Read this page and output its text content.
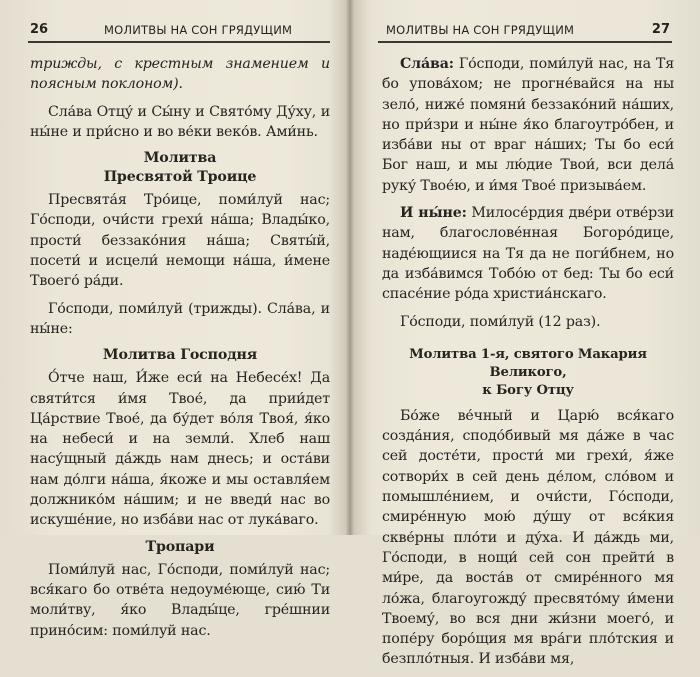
26	МОЛИТВЫ НА СОН ГРЯДУЩИМ

трижды, с крестным знамением и поясным поклоном).

Сла́ва Отцу́ и Сы́ну и Свято́му Ду́ху, и ны́не и при́сно и во ве́ки веко́в. Ами́нь.

Молитва
Пресвятой Троице

Пресвята́я Тро́ице, поми́луй нас; Го́споди, очи́сти грехи́ на́ша; Влады́ко, прости́ беззако́ния на́ша; Святы́й, посети́ и исцели́ немощи на́ша, и́мене Твоего́ ра́ди.

Го́споди, поми́луй (трижды). Сла́ва, и ны́не:

Молитва Господня

О́тче наш, И́же еси́ на Небесе́х! Да святи́тся и́мя Твое́, да прии́дет Ца́рствие Твое́, да бу́дет во́ля Твоя́, я́ко на небеси́ и на земли́. Хлеб наш насу́щный да́ждь нам днесь; и оста́ви нам до́лги на́ша, я́коже и мы оставля́ем должнико́м на́шим; и не введи́ нас во искуше́ние, но изба́ви нас от лука́ваго.

Тропари

Поми́луй нас, Го́споди, поми́луй нас; вся́каго бо отве́та недоуме́юще, сию́ Ти моли́тву, я́ко Влады́це, гре́шнии прино́сим: поми́луй нас.

МОЛИТВЫ НА СОН ГРЯДУЩИМ	27

Сла́ва: Го́споди, поми́луй нас, на Тя бо упова́хом; не прогне́вайся на ны зело́, ниже́ помяни́ беззако́ний на́ших, но при́зри и ны́не я́ко благоутро́бен, и изба́ви ны от враг на́ших; Ты бо еси́ Бог наш, и мы лю́дие Твои́, вси дела́ руку́ Твое́ю, и и́мя Твое́ призыва́ем.

И ны́не: Милосе́рдия две́ри отве́рзи нам, благослове́нная Богоро́дице, наде́ющиися на Тя да не поги́бнем, но да изба́вимся Тобо́ю от бед: Ты бо еси́ спасе́ние ро́да христиа́нскаго.

Го́споди, поми́луй (12 раз).

Молитва 1-я, святого Макария Великого,
к Богу Отцу

Бо́же ве́чный и Царю́ вся́каго созда́ния, сподо́бивый мя да́же в час сей досте́ти, прости́ ми грехи́, я́же сотвори́х в сей день де́лом, сло́вом и помышле́нием, и очи́сти, Го́споди, смире́нную мою́ ду́шу от вся́кия скве́рны пло́ти и ду́ха. И да́ждь ми, Го́споди, в нощи́ сей сон прейти́ в ми́ре, да воста́в от смире́нного мя ло́жа, благоугожду́ пресвято́му и́мени Твоему́, во вся дни жи́зни моего́, и попе́ру боро́щия мя вра́ги пло́тския и безпло́тныя. И изба́ви мя,
